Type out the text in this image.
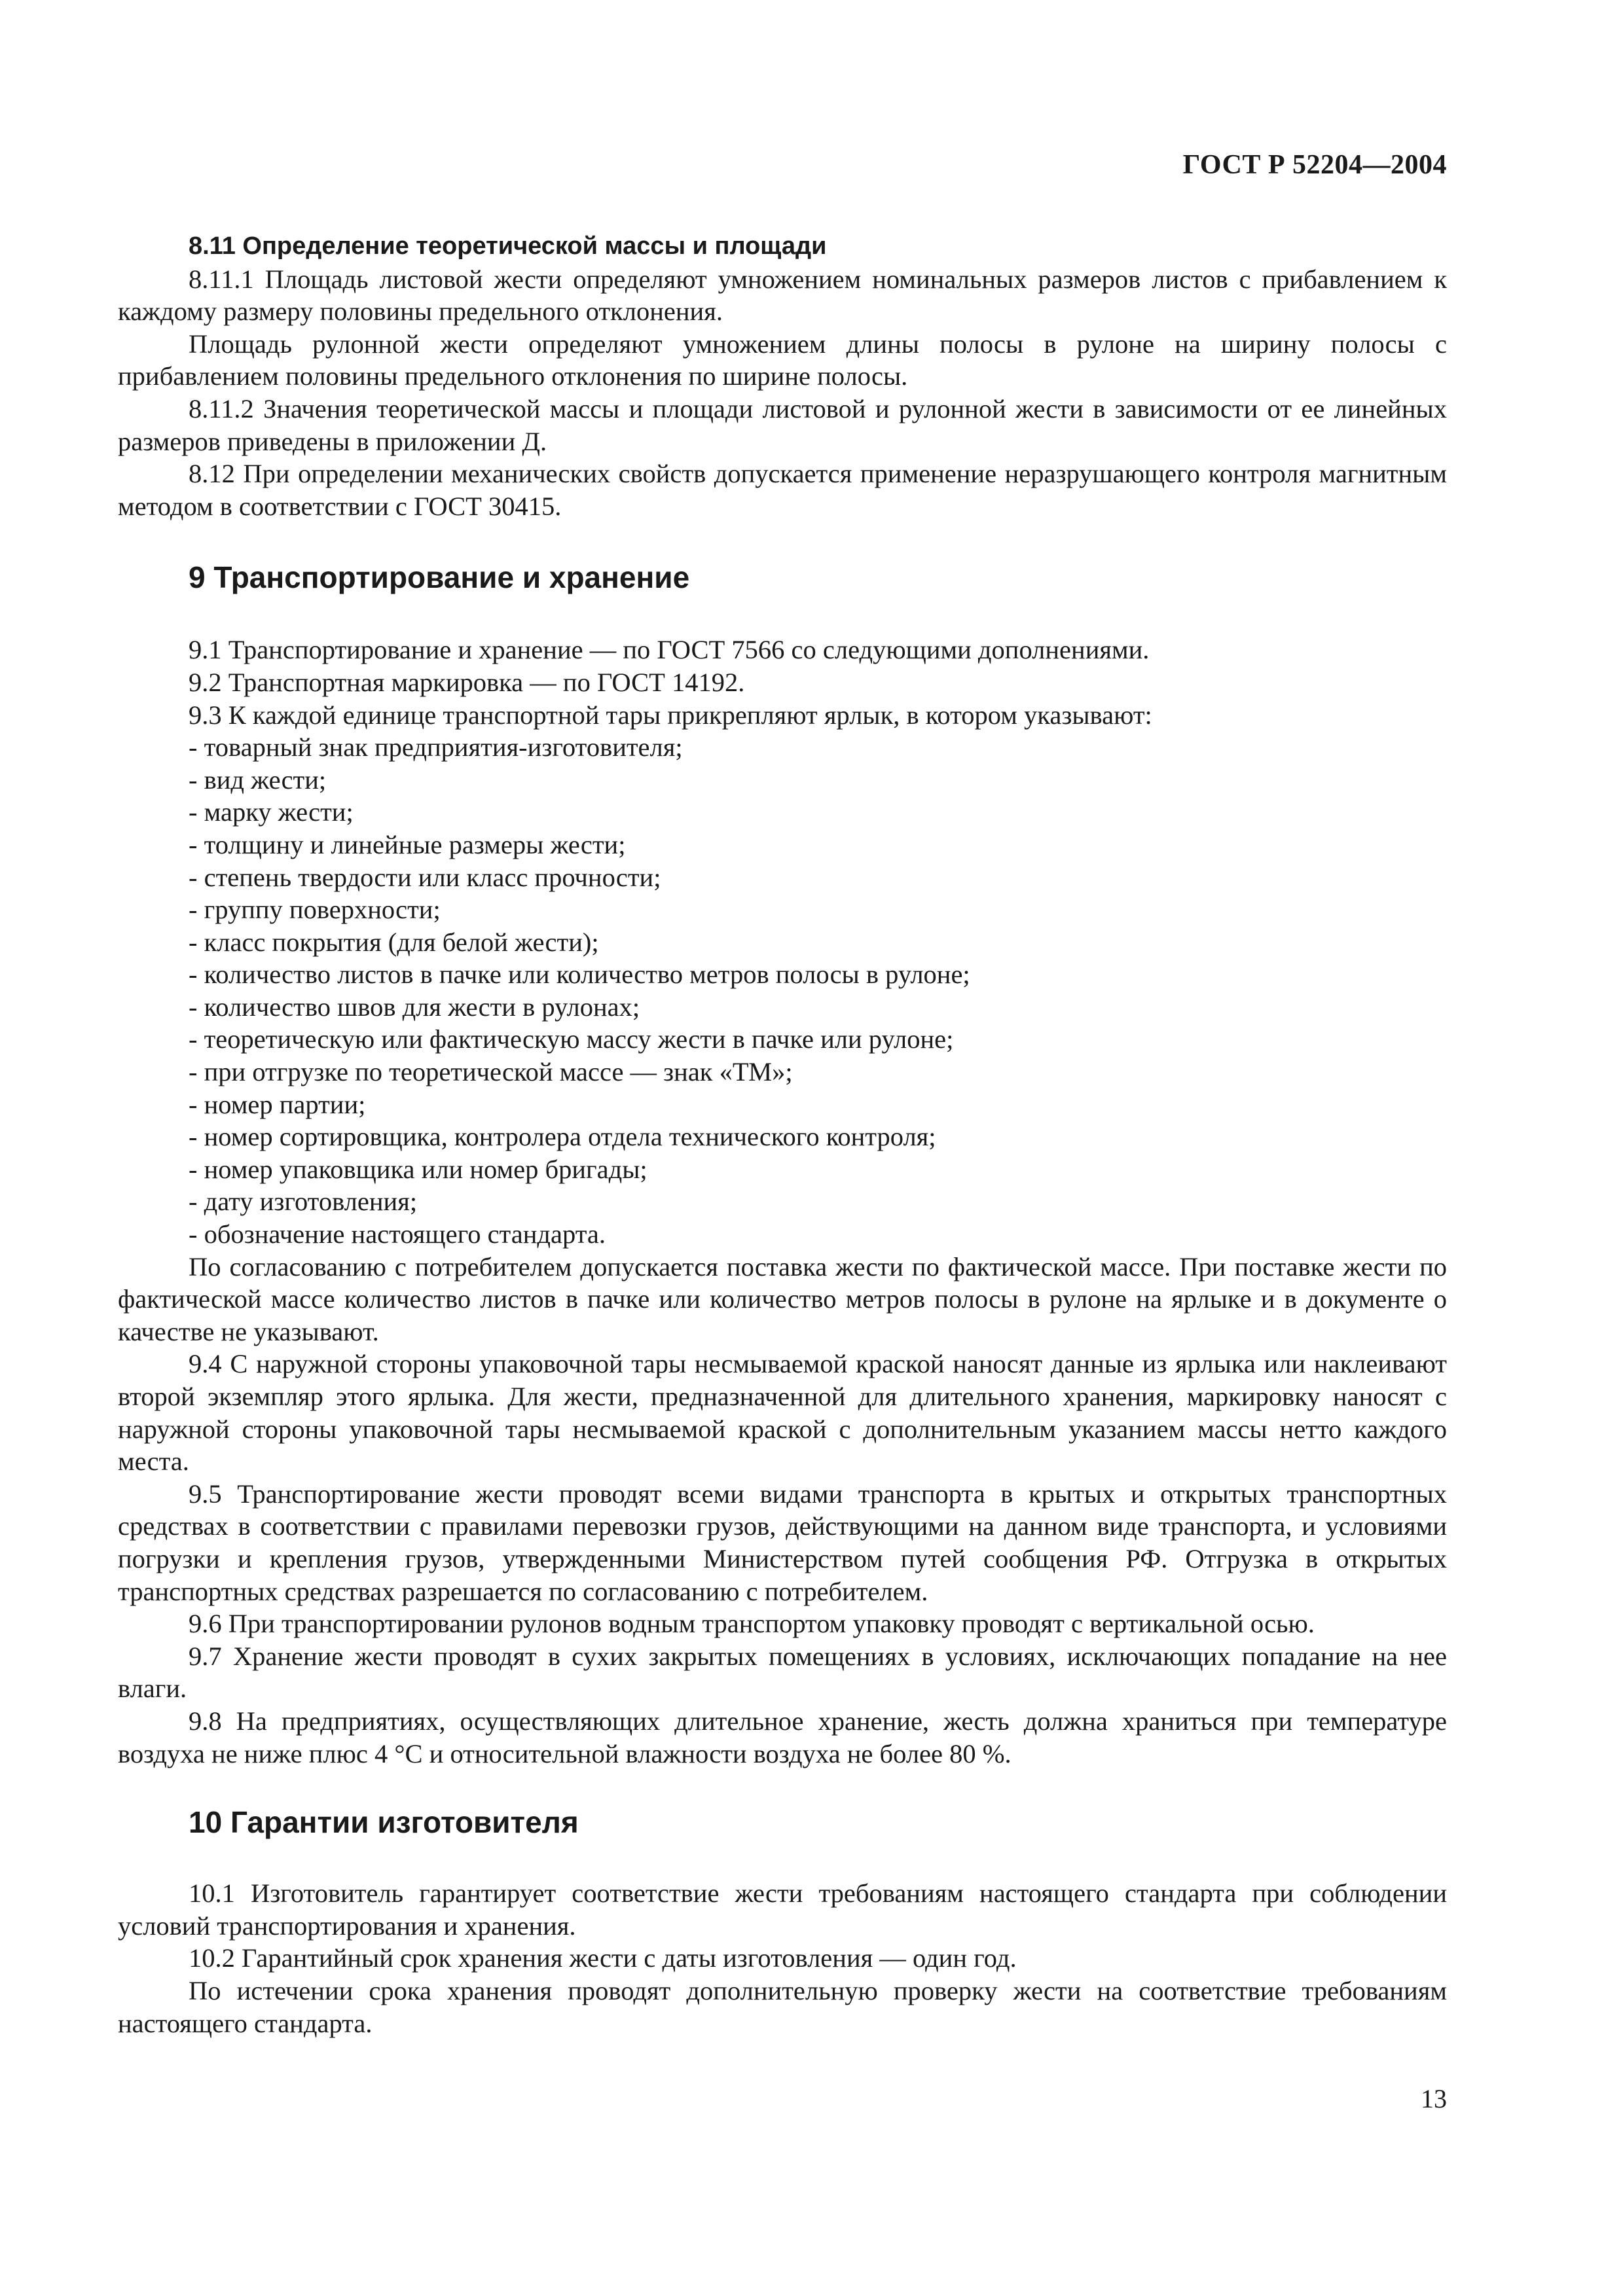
ГОСТ Р 52204—2004

8.11 Определение теоретической массы и площади

8.11.1 Площадь листовой жести определяют умножением номинальных размеров листов с прибавлением к каждому размеру половины предельного отклонения.

Площадь рулонной жести определяют умножением длины полосы в рулоне на ширину полосы с прибавлением половины предельного отклонения по ширине полосы.

8.11.2 Значения теоретической массы и площади листовой и рулонной жести в зависимости от ее линейных размеров приведены в приложении Д.

8.12 При определении механических свойств допускается применение неразрушающего контроля магнитным методом в соответствии с ГОСТ 30415.

9 Транспортирование и хранение

9.1 Транспортирование и хранение — по ГОСТ 7566 со следующими дополнениями.

9.2 Транспортная маркировка — по ГОСТ 14192.

9.3 К каждой единице транспортной тары прикрепляют ярлык, в котором указывают:

- товарный знак предприятия-изготовителя;

- вид жести;

- марку жести;

- толщину и линейные размеры жести;

- степень твердости или класс прочности;

- группу поверхности;

- класс покрытия (для белой жести);

- количество листов в пачке или количество метров полосы в рулоне;

- количество швов для жести в рулонах;

- теоретическую или фактическую массу жести в пачке или рулоне;

- при отгрузке по теоретической массе — знак «ТМ»;

- номер партии;

- номер сортировщика, контролера отдела технического контроля;

- номер упаковщика или номер бригады;

- дату изготовления;

- обозначение настоящего стандарта.

По согласованию с потребителем допускается поставка жести по фактической массе. При поставке жести по фактической массе количество листов в пачке или количество метров полосы в рулоне на ярлыке и в документе о качестве не указывают.

9.4 С наружной стороны упаковочной тары несмываемой краской наносят данные из ярлыка или наклеивают второй экземпляр этого ярлыка. Для жести, предназначенной для длительного хранения, маркировку наносят с наружной стороны упаковочной тары несмываемой краской с дополнительным указанием массы нетто каждого места.

9.5 Транспортирование жести проводят всеми видами транспорта в крытых и открытых транспортных средствах в соответствии с правилами перевозки грузов, действующими на данном виде транспорта, и условиями погрузки и крепления грузов, утвержденными Министерством путей сообщения РФ. Отгрузка в открытых транспортных средствах разрешается по согласованию с потребителем.

9.6 При транспортировании рулонов водным транспортом упаковку проводят с вертикальной осью.

9.7 Хранение жести проводят в сухих закрытых помещениях в условиях, исключающих попадание на нее влаги.

9.8 На предприятиях, осуществляющих длительное хранение, жесть должна храниться при температуре воздуха не ниже плюс 4 °С и относительной влажности воздуха не более 80 %.

10 Гарантии изготовителя

10.1 Изготовитель гарантирует соответствие жести требованиям настоящего стандарта при соблюдении условий транспортирования и хранения.

10.2 Гарантийный срок хранения жести с даты изготовления — один год.

По истечении срока хранения проводят дополнительную проверку жести на соответствие требованиям настоящего стандарта.

13
